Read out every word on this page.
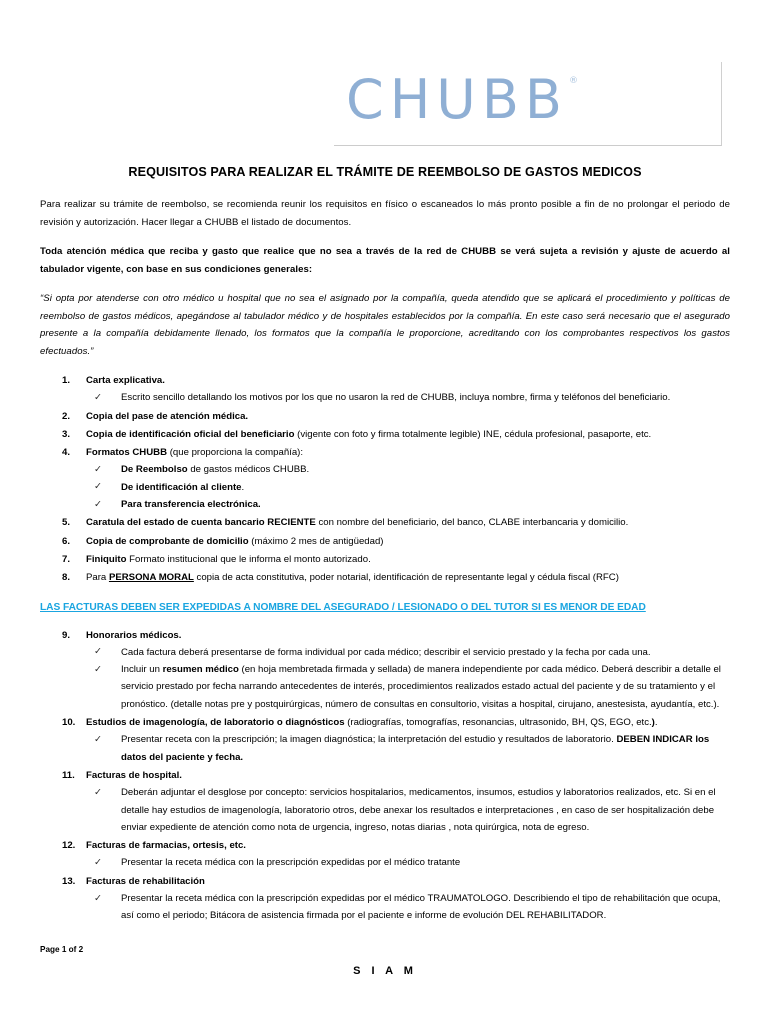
CHUBB ®
REQUISITOS PARA REALIZAR EL TRÁMITE DE REEMBOLSO DE GASTOS MEDICOS

Para realizar su trámite de reembolso, se recomienda reunir los requisitos en físico o escaneados lo más pronto posible a fin de no prolongar el periodo de revisión y autorización. Hacer llegar a CHUBB el listado de documentos.

Toda atención médica que reciba y gasto que realice que no sea a través de la red de CHUBB se verá sujeta a revisión y ajuste de acuerdo al tabulador vigente, con base en sus condiciones generales:

“Si opta por atenderse con otro médico u hospital que no sea el asignado por la compañía, queda atendido que se aplicará el procedimiento y políticas de reembolso de gastos médicos, apegándose al tabulador médico y de hospitales establecidos por la compañía. En este caso será necesario que el asegurado presente a la compañía debidamente llenado, los formatos que la compañía le proporcione, acreditando con los comprobantes respectivos los gastos efectuados.”

1.	Carta explicativa.
✓ Escrito sencillo detallando los motivos por los que no usaron la red de CHUBB, incluya nombre, firma y teléfonos del beneficiario.
2.	Copia del pase de atención médica.
3.	Copia de identificación oficial del beneficiario (vigente con foto y firma totalmente legible) INE, cédula profesional, pasaporte, etc.
4.	Formatos CHUBB (que proporciona la compañía):
✓ De Reembolso de gastos médicos CHUBB.
✓ De identificación al cliente.
✓ Para transferencia electrónica.
5.	Caratula del estado de cuenta bancario RECIENTE con nombre del beneficiario, del banco, CLABE interbancaria y domicilio.
6.	Copia de comprobante de domicilio (máximo 2 mes de antigüedad)
7.	Finiquito Formato institucional que le informa el monto autorizado.
8.	Para PERSONA MORAL copia de acta constitutiva, poder notarial, identificación de representante legal y cédula fiscal (RFC)
LAS FACTURAS DEBEN SER EXPEDIDAS A NOMBRE DEL ASEGURADO / LESIONADO O DEL TUTOR SI ES MENOR DE EDAD
9.	Honorarios médicos.
✓ Cada factura deberá presentarse de forma individual por cada médico; describir el servicio prestado y la fecha por cada una.
✓ Incluir un resumen médico (en hoja membretada firmada y sellada) de manera independiente por cada médico. Deberá describir a detalle el servicio prestado por fecha narrando antecedentes de interés, procedimientos realizados estado actual del paciente y de su tratamiento y el pronóstico. (detalle notas pre y postquirúrgicas, número de consultas en consultorio, visitas a hospital, cirujano, anestesista, ayudantía, etc.).
10.	Estudios de imagenología, de laboratorio o diagnósticos (radiografías, tomografías, resonancias, ultrasonido, BH, QS, EGO, etc.).
✓ Presentar receta con la prescripción; la imagen diagnóstica; la interpretación del estudio y resultados de laboratorio. DEBEN INDICAR los datos del paciente y fecha.
11.	Facturas de hospital.
✓ Deberán adjuntar el desglose por concepto: servicios hospitalarios, medicamentos, insumos, estudios y laboratorios realizados, etc. Si en el detalle hay estudios de imagenología, laboratorio otros, debe anexar los resultados e interpretaciones , en caso de ser hospitalización debe enviar expediente de atención como nota de urgencia, ingreso, notas diarias , nota quirúrgica, nota de egreso.
12.	Facturas de farmacias, ortesis, etc.
✓ Presentar la receta médica con la prescripción expedidas por el médico tratante
13.	Facturas de rehabilitación
✓ Presentar la receta médica con la prescripción expedidas por el médico TRAUMATOLOGO. Describiendo el tipo de rehabilitación que ocupa, así como el periodo; Bitácora de asistencia firmada por el paciente e informe de evolución DEL REHABILITADOR.
Page 1 of 2
S I A M
